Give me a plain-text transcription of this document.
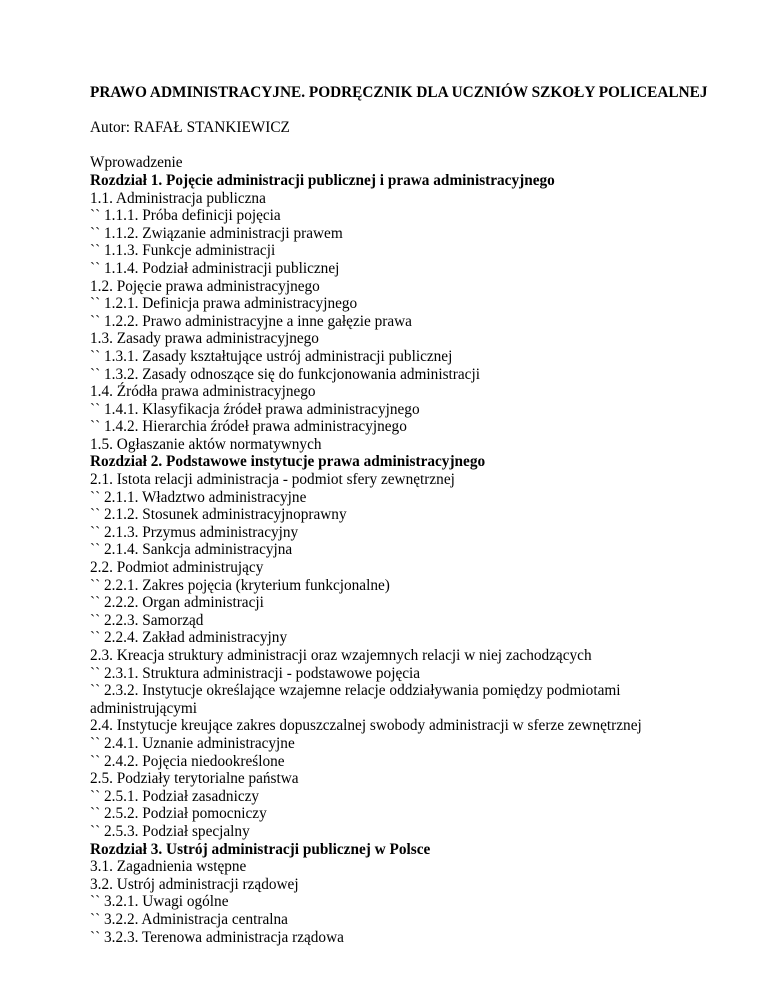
PRAWO ADMINISTRACYJNE. PODRĘCZNIK DLA UCZNIÓW SZKOŁY POLICEALNEJ

Autor: RAFAŁ STANKIEWICZ

Wprowadzenie
Rozdział 1. Pojęcie administracji publicznej i prawa administracyjnego
1.1. Administracja publiczna
`` 1.1.1. Próba definicji pojęcia
`` 1.1.2. Związanie administracji prawem
`` 1.1.3. Funkcje administracji
`` 1.1.4. Podział administracji publicznej
1.2. Pojęcie prawa administracyjnego
`` 1.2.1. Definicja prawa administracyjnego
`` 1.2.2. Prawo administracyjne a inne gałęzie prawa
1.3. Zasady prawa administracyjnego
`` 1.3.1. Zasady kształtujące ustrój administracji publicznej
`` 1.3.2. Zasady odnoszące się do funkcjonowania administracji
1.4. Źródła prawa administracyjnego
`` 1.4.1. Klasyfikacja źródeł prawa administracyjnego
`` 1.4.2. Hierarchia źródeł prawa administracyjnego
1.5. Ogłaszanie aktów normatywnych
Rozdział 2. Podstawowe instytucje prawa administracyjnego
2.1. Istota relacji administracja - podmiot sfery zewnętrznej
`` 2.1.1. Władztwo administracyjne
`` 2.1.2. Stosunek administracyjnoprawny
`` 2.1.3. Przymus administracyjny
`` 2.1.4. Sankcja administracyjna
2.2. Podmiot administrujący
`` 2.2.1. Zakres pojęcia (kryterium funkcjonalne)
`` 2.2.2. Organ administracji
`` 2.2.3. Samorząd
`` 2.2.4. Zakład administracyjny
2.3. Kreacja struktury administracji oraz wzajemnych relacji w niej zachodzących
`` 2.3.1. Struktura administracji - podstawowe pojęcia
`` 2.3.2. Instytucje określające wzajemne relacje oddziaływania pomiędzy podmiotami administrującymi
2.4. Instytucje kreujące zakres dopuszczalnej swobody administracji w sferze zewnętrznej
`` 2.4.1. Uznanie administracyjne
`` 2.4.2. Pojęcia niedookreślone
2.5. Podziały terytorialne państwa
`` 2.5.1. Podział zasadniczy
`` 2.5.2. Podział pomocniczy
`` 2.5.3. Podział specjalny
Rozdział 3. Ustrój administracji publicznej w Polsce
3.1. Zagadnienia wstępne
3.2. Ustrój administracji rządowej
`` 3.2.1. Uwagi ogólne
`` 3.2.2. Administracja centralna
`` 3.2.3. Terenowa administracja rządowa
